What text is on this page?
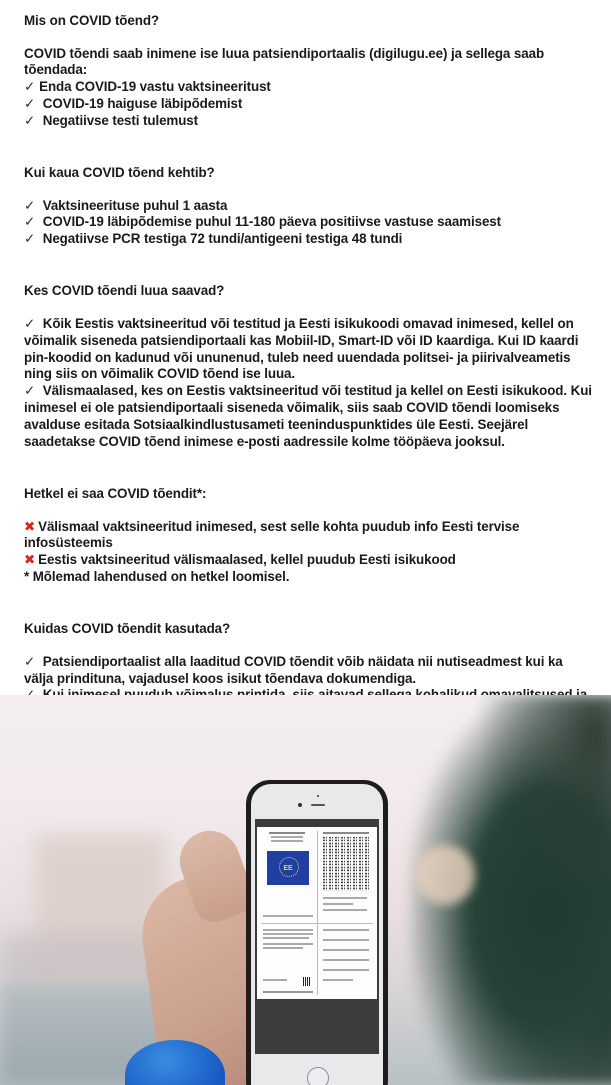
Mis on COVID tõend?

COVID tõendi saab inimene ise luua patsiendiportaalis (digilugu.ee) ja sellega saab tõendada:

✓ Enda COVID-19 vastu vaktsineeritust
✓ COVID-19 haiguse läbipõdemist
✓ Negatiivse testi tulemust
Kui kaua COVID tõend kehtib?
✓ Vaktsineerituse puhul 1 aasta
✓ COVID-19 läbipõdemise puhul 11-180 päeva positiivse vastuse saamisest
✓ Negatiivse PCR testiga 72 tundi/antigeeni testiga 48 tundi
Kes COVID tõendi luua saavad?
✓ Kõik Eestis vaktsineeritud või testitud ja Eesti isikukoodi omavad inimesed, kellel on võimalik siseneda patsiendiportaali kas Mobiil-ID, Smart-ID või ID kaardiga. Kui ID kaardi pin-koodid on kadunud või ununenud, tuleb need uuendada politsei- ja piirivalveametis ning siis on võimalik COVID tõend ise luua.
✓ Välismaalased, kes on Eestis vaktsineeritud või testitud ja kellel on Eesti isikukood. Kui inimesel ei ole patsiendiportaali siseneda võimalik, siis saab COVID tõendi loomiseks avalduse esitada Sotsiaalkindlustusameti teeninduspunktides üle Eesti. Seejärel saadetakse COVID tõend inimese e-posti aadressile kolme tööpäeva jooksul.
Hetkel ei saa COVID tõendit*:
✖ Välismaal vaktsineeritud inimesed, sest selle kohta puudub info Eesti tervise infosüsteemis
✖ Eestis vaktsineeritud välismaalased, kellel puudub Eesti isikukood
* Mõlemad lahendused on hetkel loomisel.
Kuidas COVID tõendit kasutada?
✓ Patsiendiportaalist alla laaditud COVID tõendit võib näidata nii nutiseadmest kui ka välja prindituna, vajadusel koos isikut tõendava dokumendiga.
EE
